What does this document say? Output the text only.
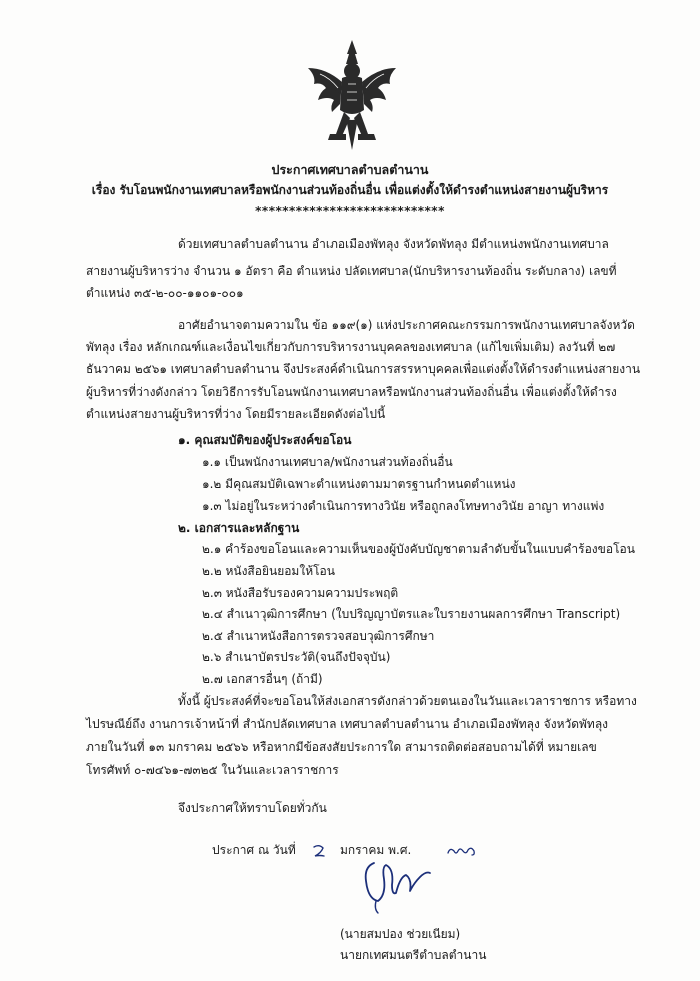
ประกาศเทศบาลตำบลตำนาน
เรื่อง รับโอนพนักงานเทศบาลหรือพนักงานส่วนท้องถิ่นอื่น เพื่อแต่งตั้งให้ดำรงตำแหน่งสายงานผู้บริหาร
****************************
ด้วยเทศบาลตำบลตำนาน อำเภอเมืองพัทลุง จังหวัดพัทลุง มีตำแหน่งพนักงานเทศบาล
สายงานผู้บริหารว่าง จำนวน ๑ อัตรา คือ ตำแหน่ง ปลัดเทศบาล(นักบริหารงานท้องถิ่น ระดับกลาง) เลขที่
ตำแหน่ง ๓๕-๒-๐๐-๑๑๐๑-๐๐๑
อาศัยอำนาจตามความใน ข้อ ๑๑๙(๑) แห่งประกาศคณะกรรมการพนักงานเทศบาลจังหวัด
พัทลุง เรื่อง หลักเกณฑ์และเงื่อนไขเกี่ยวกับการบริหารงานบุคคลของเทศบาล (แก้ไขเพิ่มเติม) ลงวันที่ ๒๗
ธันวาคม ๒๕๖๑ เทศบาลตำบลตำนาน จึงประสงค์ดำเนินการสรรหาบุคคลเพื่อแต่งตั้งให้ดำรงตำแหน่งสายงาน
ผู้บริหารที่ว่างดังกล่าว โดยวิธีการรับโอนพนักงานเทศบาลหรือพนักงานส่วนท้องถิ่นอื่น เพื่อแต่งตั้งให้ดำรง
ตำแหน่งสายงานผู้บริหารที่ว่าง โดยมีรายละเอียดดังต่อไปนี้
๑. คุณสมบัติของผู้ประสงค์ขอโอน
๑.๑ เป็นพนักงานเทศบาล/พนักงานส่วนท้องถิ่นอื่น
๑.๒ มีคุณสมบัติเฉพาะตำแหน่งตามมาตรฐานกำหนดตำแหน่ง
๑.๓ ไม่อยู่ในระหว่างดำเนินการทางวินัย หรือถูกลงโทษทางวินัย อาญา ทางแพ่ง
๒. เอกสารและหลักฐาน
๒.๑ คำร้องขอโอนและความเห็นของผู้บังคับบัญชาตามลำดับขั้นในแบบคำร้องขอโอน
๒.๒ หนังสือยินยอมให้โอน
๒.๓ หนังสือรับรองความความประพฤติ
๒.๔ สำเนาวุฒิการศึกษา (ใบปริญญาบัตรและใบรายงานผลการศึกษา Transcript)
๒.๕ สำเนาหนังสือการตรวจสอบวุฒิการศึกษา
๒.๖ สำเนาบัตรประวัติ(จนถึงปัจจุบัน)
๒.๗ เอกสารอื่นๆ (ถ้ามี)
ทั้งนี้ ผู้ประสงค์ที่จะขอโอนให้ส่งเอกสารดังกล่าวด้วยตนเองในวันและเวลาราชการ หรือทาง
ไปรษณีย์ถึง งานการเจ้าหน้าที่ สำนักปลัดเทศบาล เทศบาลตำบลตำนาน อำเภอเมืองพัทลุง จังหวัดพัทลุง
ภายในวันที่ ๑๓ มกราคม ๒๕๖๖ หรือหากมีข้อสงสัยประการใด สามารถติดต่อสอบถามได้ที่ หมายเลข
โทรศัพท์ ๐-๗๔๖๑-๗๓๒๕ ในวันและเวลาราชการ
จึงประกาศให้ทราบโดยทั่วกัน
ประกาศ ณ วันที่	มกราคม พ.ศ.
(นายสมปอง ช่วยเนียม)
นายกเทศมนตรีตำบลตำนาน
